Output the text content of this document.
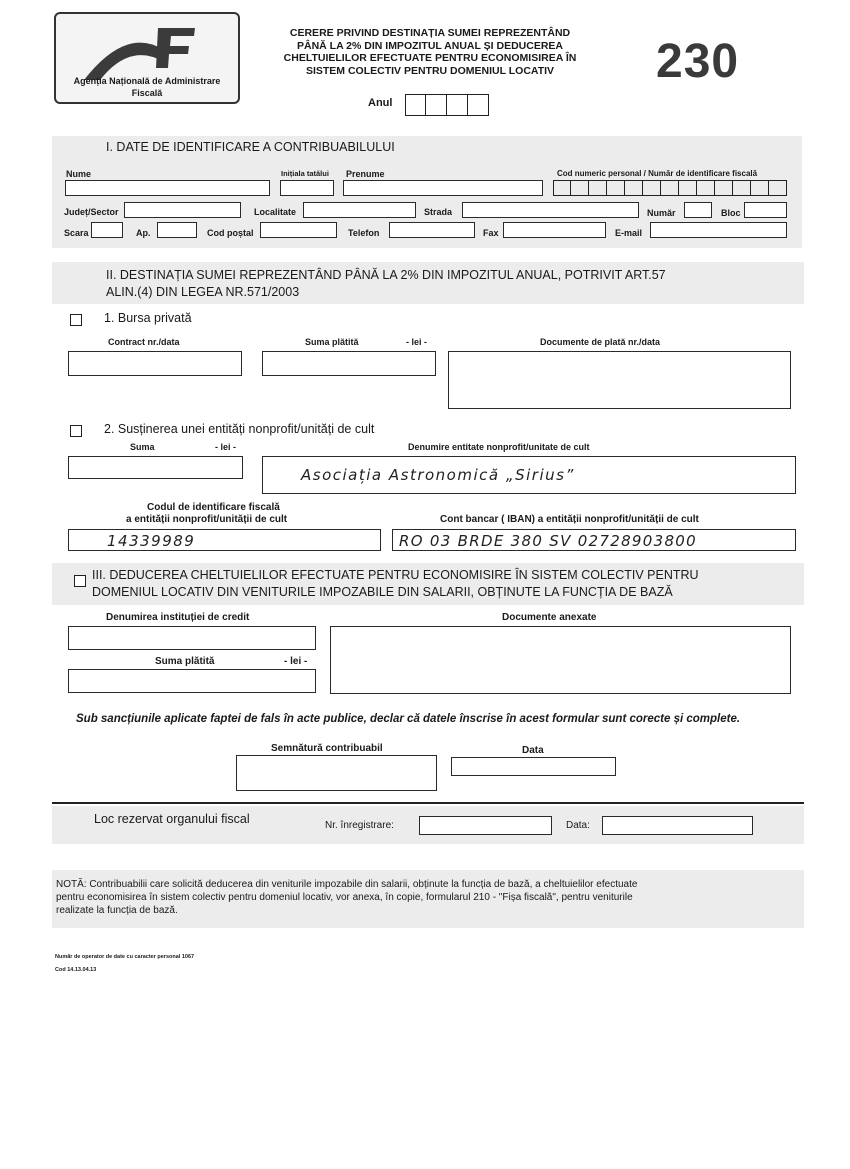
Agenția Națională de Administrare
Fiscală
CERERE PRIVIND DESTINAȚIA SUMEI REPREZENTÂND
PÂNĂ LA 2% DIN IMPOZITUL ANUAL ȘI DEDUCEREA
CHELTUIELILOR EFECTUATE PENTRU ECONOMISIREA ÎN
SISTEM COLECTIV PENTRU DOMENIUL LOCATIV	230
Anul
I. DATE DE IDENTIFICARE A CONTRIBUABILULUI
Nume	Inițiala tatălui Prenume	Cod numeric personal / Număr de identificare fiscală
Județ/Sector	Localitate	Strada	Număr	Bloc
Scara	Ap.	Cod poștal	Telefon	Fax	E-mail
II. DESTINAȚIA SUMEI REPREZENTÂND PÂNĂ LA 2% DIN IMPOZITUL ANUAL, POTRIVIT ART.57
ALIN.(4) DIN LEGEA NR.571/2003
1. Bursa privată
Contract nr./data	Suma plătită	- lei -	Documente de plată nr./data
2. Susținerea unei entități nonprofit/unități de cult
Suma	- lei -	Denumire entitate nonprofit/unitate de cult
Asociația Astronomică „Sirius”
Codul de identificare fiscală
a entității nonprofit/unității de cult
14339989
Cont bancar ( IBAN) a entității nonprofit/unității de cult
RO 03 BRDE 380 SV 02728903800
III. DEDUCEREA CHELTUIELILOR EFECTUATE PENTRU ECONOMISIRE ÎN SISTEM COLECTIV PENTRU
DOMENIUL LOCATIV DIN VENITURILE IMPOZABILE DIN SALARII, OBȚINUTE LA FUNCȚIA DE BAZĂ
Denumirea instituției de credit	Documente anexate
Suma plătită	- lei -
Sub sancțiunile aplicate faptei de fals în acte publice, declar că datele înscrise în acest formular sunt corecte și complete.
Semnătură contribuabil	Data
Loc rezervat organului fiscal	Nr. înregistrare:	Data:
NOTĂ: Contribuabilii care solicită deducerea din veniturile impozabile din salarii, obținute la funcția de bază, a cheltuielilor efectuate
pentru economisirea în sistem colectiv pentru domeniul locativ, vor anexa, în copie, formularul 210 - "Fișa fiscală", pentru veniturile
realizate la funcția de bază.
Număr de operator de date cu caracter personal 1067
Cod 14.13.04.13
